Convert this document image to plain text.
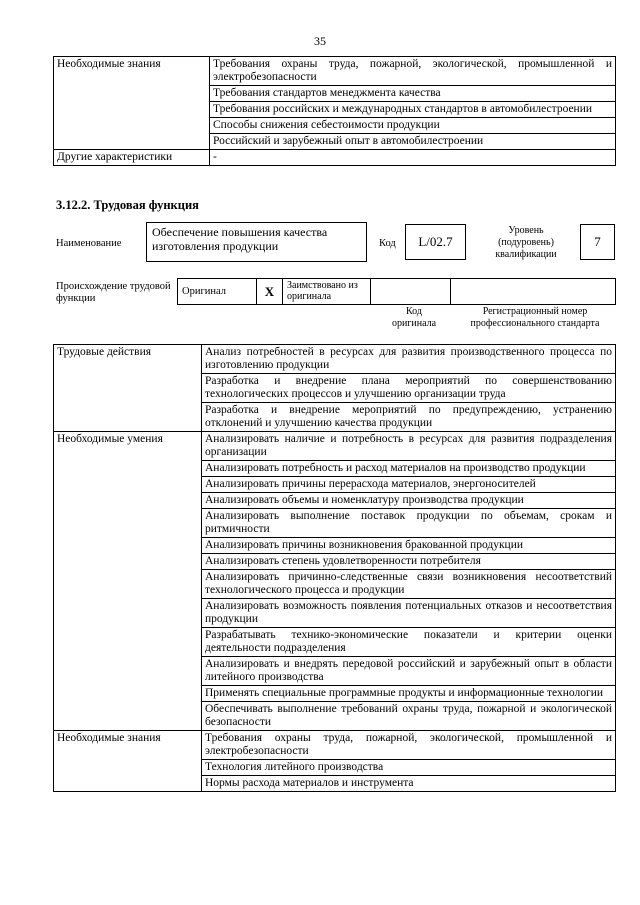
35
Необходимые знания	Требования охраны труда, пожарной, экологической, промышленной и электробезопасности
	Требования стандартов менеджмента качества
	Требования российских и международных стандартов в автомобилестроении
	Способы снижения себестоимости продукции
	Российский и зарубежный опыт в автомобилестроении
Другие характеристики	-
3.12.2. Трудовая функция
Наименование
Обеспечение повышения качества изготовления продукции	Код	L/02.7
Уровень (подуровень) квалификации
7
Происхождение трудовой функции
Оригинал	X	Заимствовано из оригинала		
Код оригинала
Регистрационный номер профессионального стандарта
Трудовые действия	Анализ потребностей в ресурсах для развития производственного процесса по изготовлению продукции
	Разработка и внедрение плана мероприятий по совершенствованию технологических процессов и улучшению организации труда
	Разработка и внедрение мероприятий по предупреждению, устранению отклонений и улучшению качества продукции
Необходимые умения	Анализировать наличие и потребность в ресурсах для развития подразделения организации
	Анализировать потребность и расход материалов на производство продукции
	Анализировать причины перерасхода материалов, энергоносителей
	Анализировать объемы и номенклатуру производства продукции
	Анализировать выполнение поставок продукции по объемам, срокам и ритмичности
	Анализировать причины возникновения бракованной продукции
	Анализировать степень удовлетворенности потребителя
	Анализировать причинно-следственные связи возникновения несоответствий технологического процесса и продукции
	Анализировать возможность появления потенциальных отказов и несоответствия продукции
	Разрабатывать технико-экономические показатели и критерии оценки деятельности подразделения
	Анализировать и внедрять передовой российский и зарубежный опыт в области литейного производства
	Применять специальные программные продукты и информационные технологии
	Обеспечивать выполнение требований охраны труда, пожарной и экологической безопасности
Необходимые знания	Требования охраны труда, пожарной, экологической, промышленной и электробезопасности
	Технология литейного производства
	Нормы расхода материалов и инструмента
